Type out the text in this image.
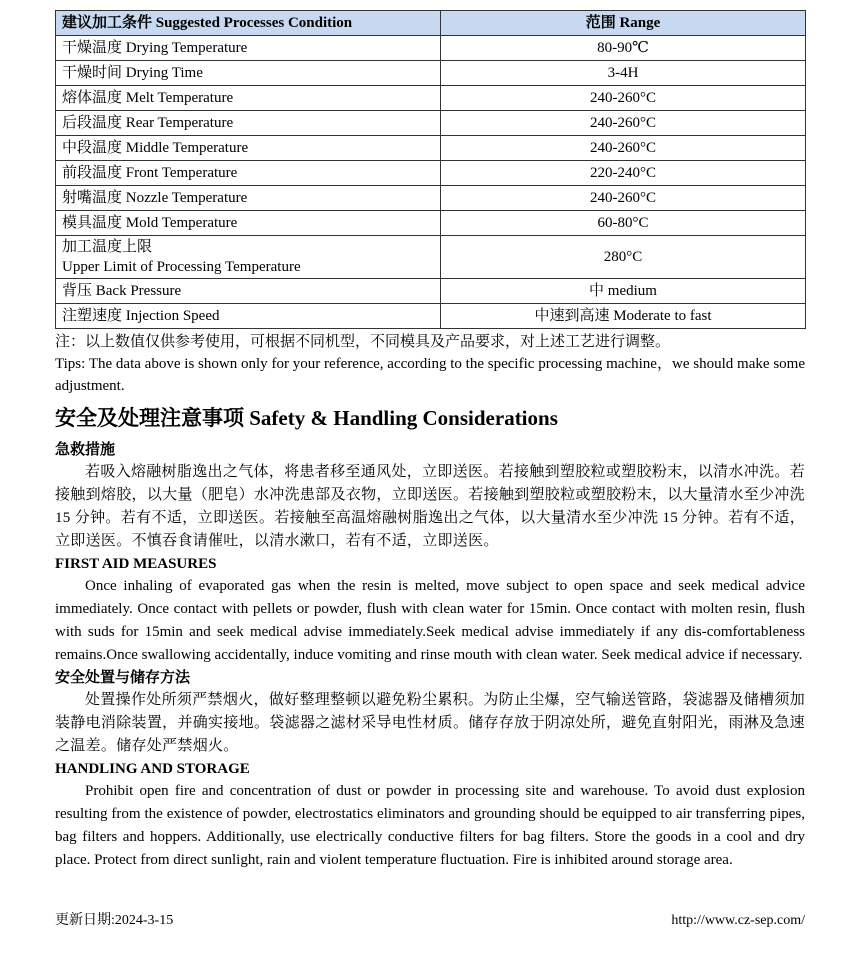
建议加工条件 Suggested Processes Condition	范围 Range
干燥温度 Drying Temperature	80-90℃
干燥时间 Drying Time	3-4H
熔体温度 Melt Temperature	240-260°C
后段温度 Rear Temperature	240-260°C
中段温度 Middle Temperature	240-260°C
前段温度 Front Temperature	220-240°C
射嘴温度 Nozzle Temperature	240-260°C
模具温度 Mold Temperature	60-80°C

加工温度上限
Upper Limit of Processing Temperature	280°C
背压 Back Pressure	中 medium
注塑速度 Injection Speed	中速到高速 Moderate to fast

注：以上数值仅供参考使用，可根据不同机型，不同模具及产品要求，对上述工艺进行调整。

Tips: The data above is shown only for your reference, according to the specific processing machine，we should make some adjustment.

安全及处理注意事项 Safety & Handling Considerations

急救措施

若吸入熔融树脂逸出之气体，将患者移至通风处，立即送医。若接触到塑胶粒或塑胶粉末，以清水冲洗。若接触到熔胶，以大量（肥皂）水冲洗患部及衣物，立即送医。若接触到塑胶粒或塑胶粉末，以大量清水至少冲洗 15 分钟。若有不适，立即送医。若接触至高温熔融树脂逸出之气体，以大量清水至少冲洗 15 分钟。若有不适，立即送医。不慎吞食请催吐，以清水漱口，若有不适，立即送医。

FIRST AID MEASURES

Once inhaling of evaporated gas when the resin is melted, move subject to open space and seek medical advice immediately. Once contact with pellets or powder, flush with clean water for 15min. Once contact with molten resin, flush with suds for 15min and seek medical advise immediately.Seek medical advise immediately if any dis-comfortableness remains.Once swallowing accidentally, induce vomiting and rinse mouth with clean water. Seek medical advice if necessary.

安全处置与储存方法

处置操作处所须严禁烟火，做好整理整顿以避免粉尘累积。为防止尘爆，空气输送管路，袋滤器及储槽须加装静电消除装置，并确实接地。袋滤器之滤材采导电性材质。储存存放于阴凉处所，避免直射阳光，雨淋及急速之温差。储存处严禁烟火。

HANDLING AND STORAGE

Prohibit open fire and concentration of dust or powder in processing site and warehouse. To avoid dust explosion resulting from the existence of powder, electrostatics eliminators and grounding should be equipped to air transferring pipes, bag filters and hoppers. Additionally, use electrically conductive filters for bag filters. Store the goods in a cool and dry place. Protect from direct sunlight, rain and violent temperature fluctuation. Fire is inhibited around storage area.

更新日期:2024-3-15	http://www.cz-sep.com/
